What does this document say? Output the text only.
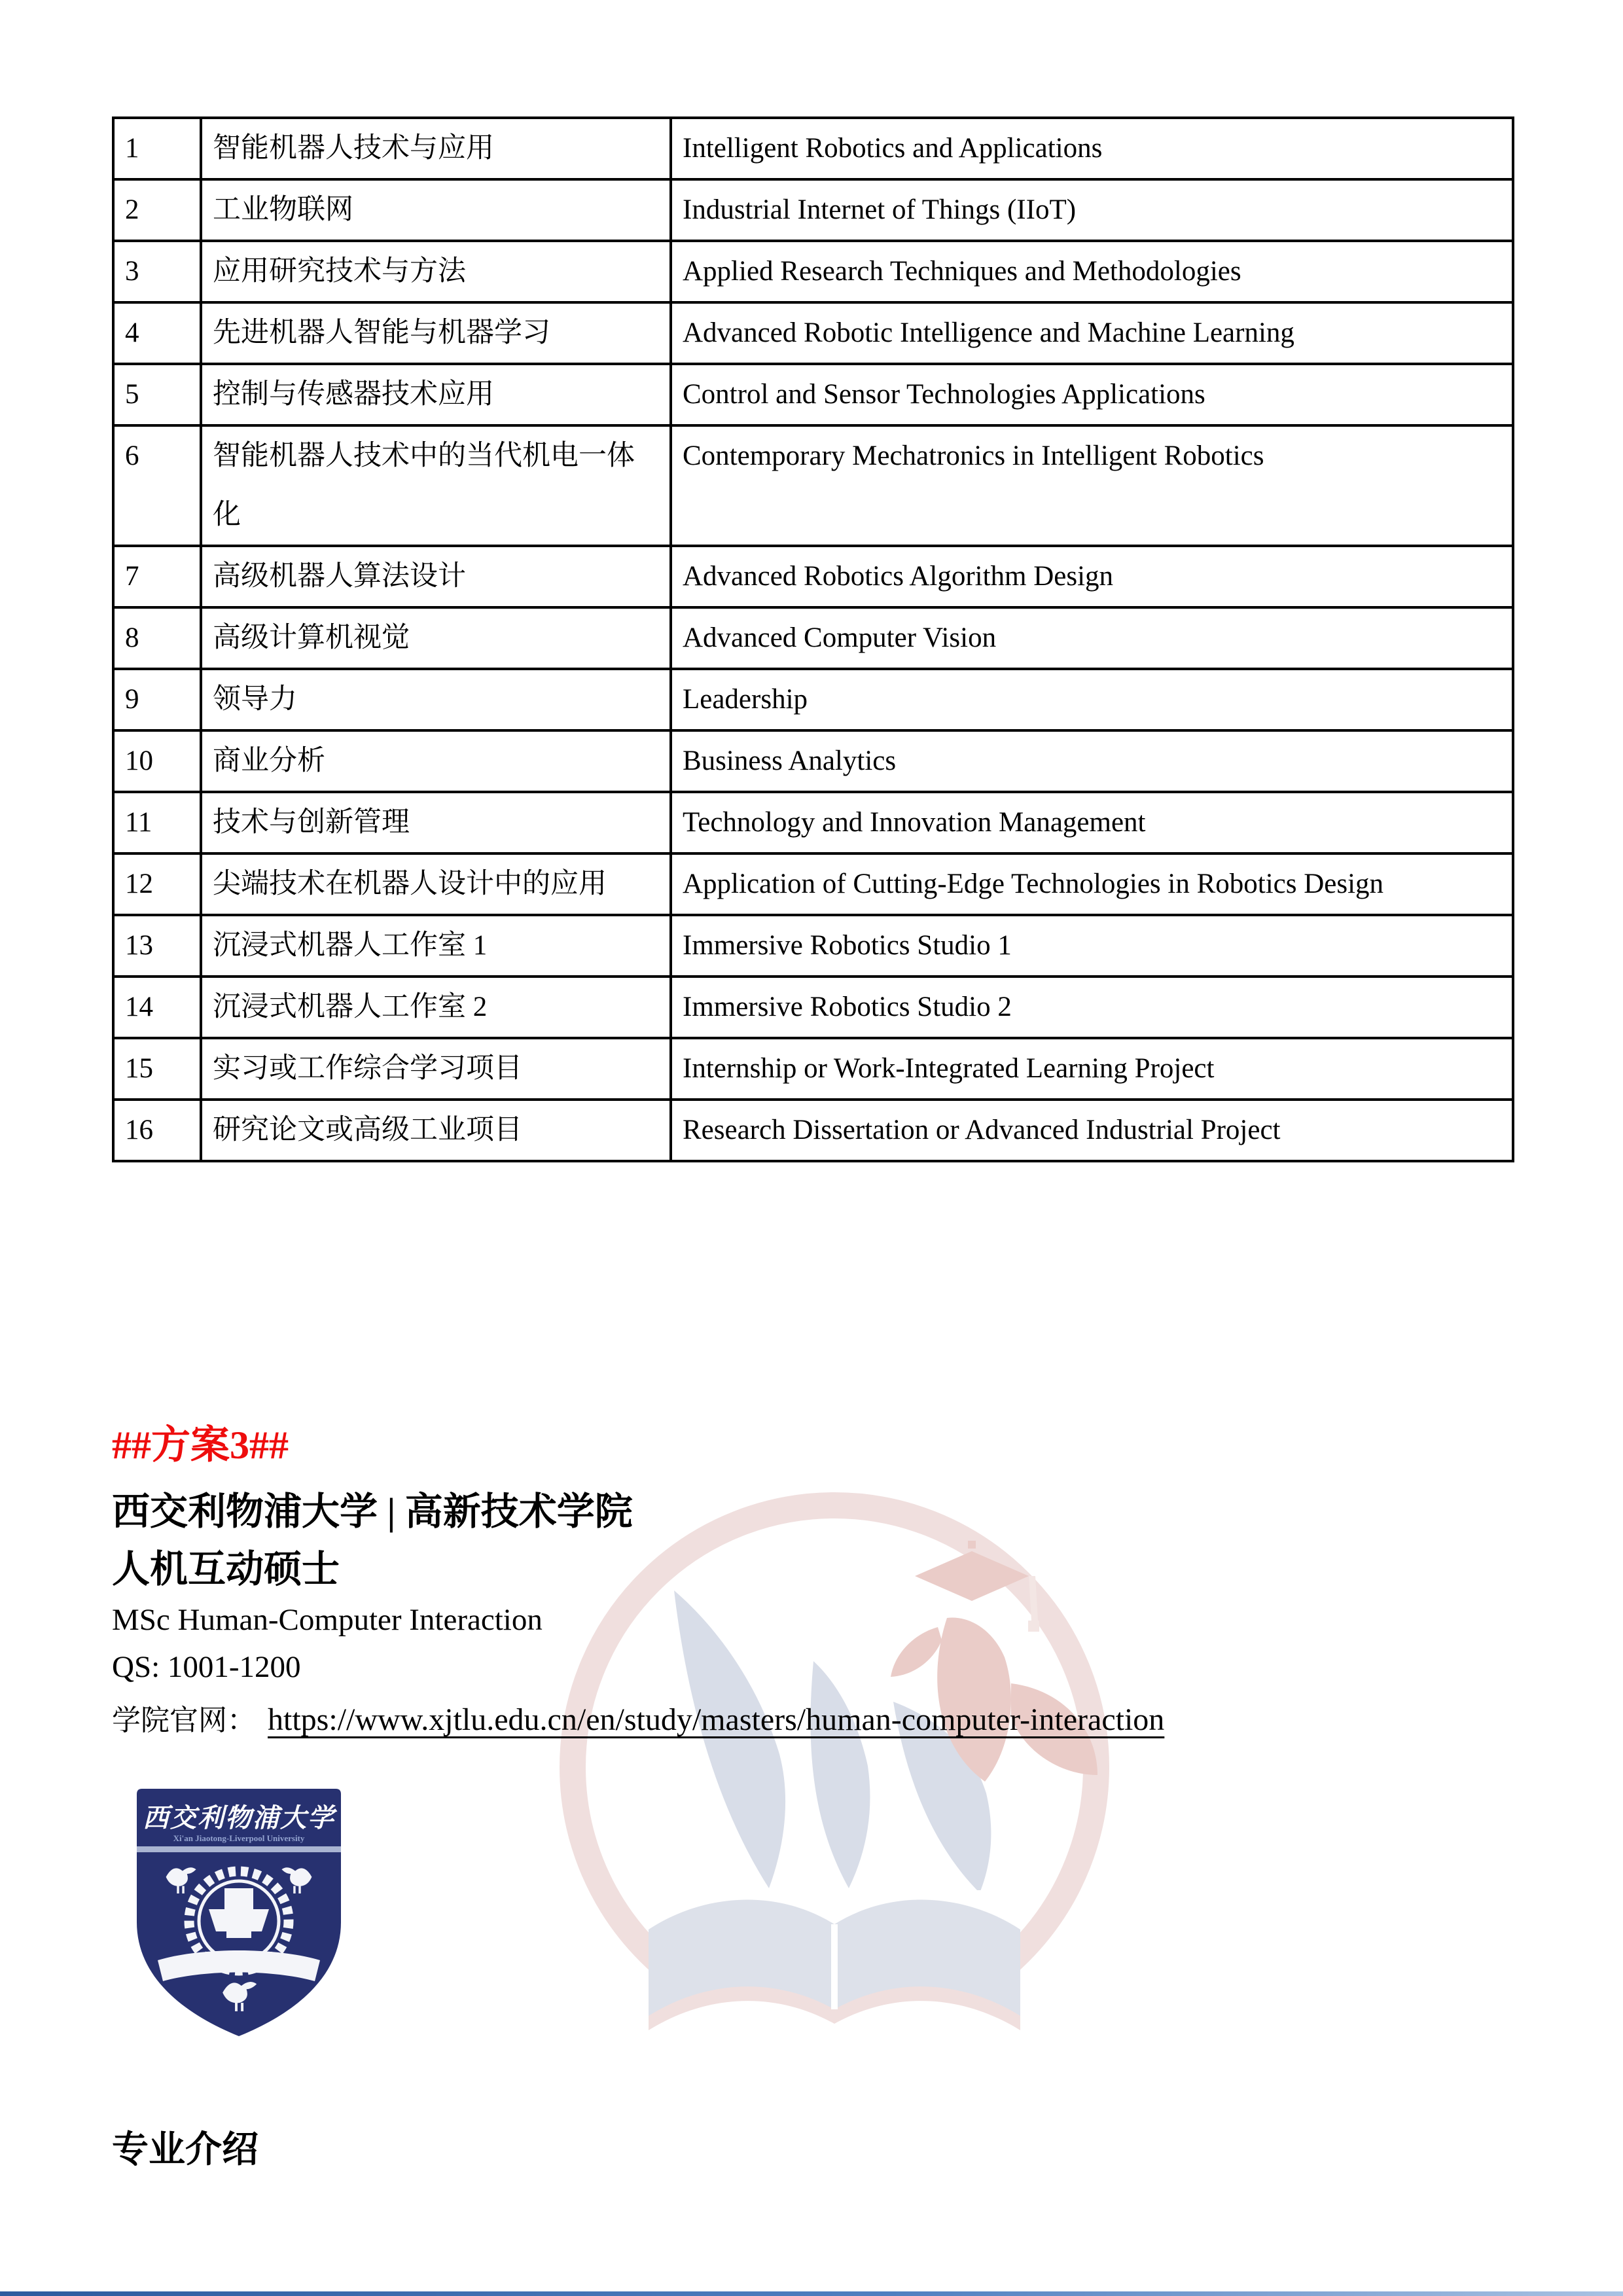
1	智能机器人技术与应用	Intelligent Robotics and Applications
2	工业物联网	Industrial Internet of Things (IIoT)
3	应用研究技术与方法	Applied Research Techniques and Methodologies
4	先进机器人智能与机器学习	Advanced Robotic Intelligence and Machine Learning
5	控制与传感器技术应用	Control and Sensor Technologies Applications
6	智能机器人技术中的当代机电一体化	Contemporary Mechatronics in Intelligent Robotics
7	高级机器人算法设计	Advanced Robotics Algorithm Design
8	高级计算机视觉	Advanced Computer Vision
9	领导力	Leadership
10	商业分析	Business Analytics
11	技术与创新管理	Technology and Innovation Management
12	尖端技术在机器人设计中的应用	Application of Cutting-Edge Technologies in Robotics Design
13	沉浸式机器人工作室 1	Immersive Robotics Studio 1
14	沉浸式机器人工作室 2	Immersive Robotics Studio 2
15	实习或工作综合学习项目	Internship or Work-Integrated Learning Project
16	研究论文或高级工业项目	Research Dissertation or Advanced Industrial Project
##方案3##
西交利物浦大学 | 高新技术学院
人机互动硕士

MSc Human-Computer Interaction

QS: 1001-1200

学院官网： https://www.xjtlu.edu.cn/en/study/masters/human-computer-interaction

西交利物浦大学
Xi'an Jiaotong-Liverpool University
专业介绍
